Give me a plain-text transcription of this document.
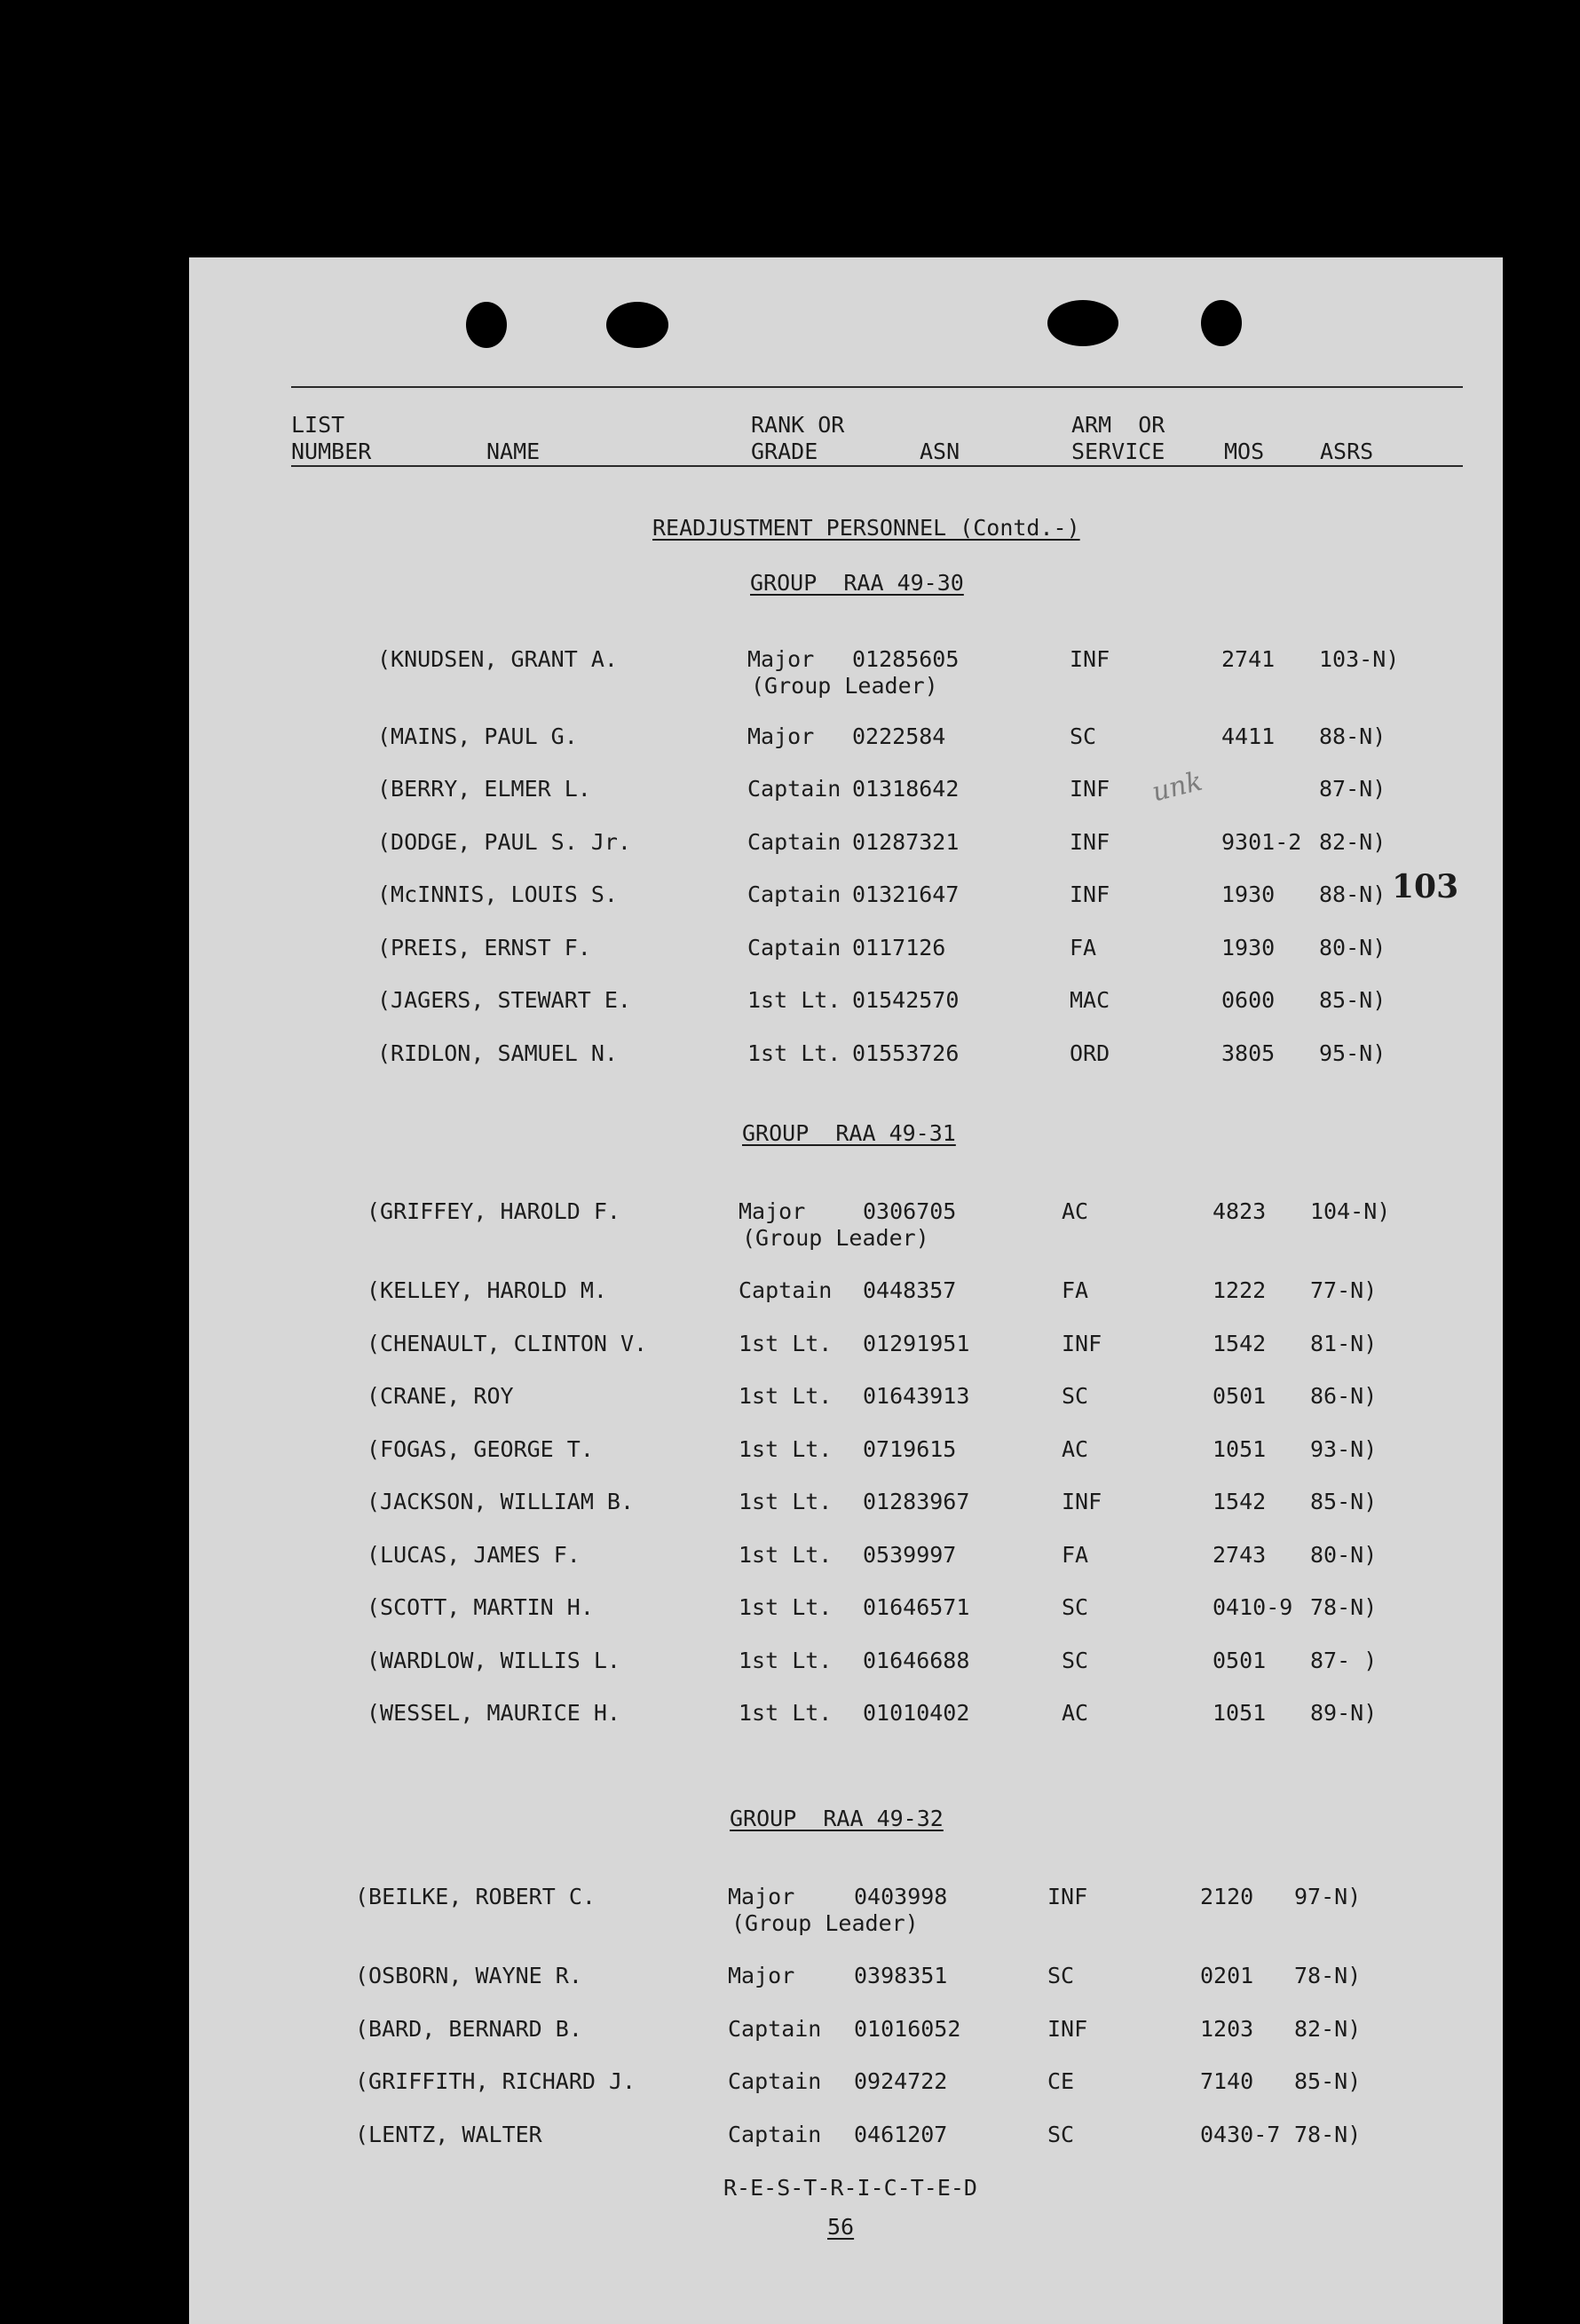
LIST
NUMBER	NAME
RANK OR
GRADE	ASN
ARM  OR
SERVICE	MOS	ASRS
READJUSTMENT PERSONNEL (Contd.-)
GROUP  RAA 49-30
(KNUDSEN, GRANT A.	Major 01285605	INF	2741 103-N)
(Group Leader)
(MAINS, PAUL G.	Major 0222584	SC	4411 88-N)
(BERRY, ELMER L.	Captain 01318642	INF	87-N)
(DODGE, PAUL S. Jr.	Captain 01287321	INF	9301-2 82-N)
(McINNIS, LOUIS S.	Captain 01321647	INF	1930 88-N)
(PREIS, ERNST F.	Captain 0117126	FA	1930 80-N)
(JAGERS, STEWART E.	1st Lt. 01542570	MAC	0600 85-N)
(RIDLON, SAMUEL N.	1st Lt. 01553726	ORD	3805 95-N)
GROUP  RAA 49-31
(GRIFFEY, HAROLD F.	Major	0306705	AC	4823 104-N)
(Group Leader)
(KELLEY, HAROLD M.	Captain 0448357	FA	1222 77-N)
(CHENAULT, CLINTON V.	1st Lt. 01291951	INF	1542 81-N)
(CRANE, ROY	1st Lt. 01643913	SC	0501 86-N)
(FOGAS, GEORGE T.	1st Lt. 0719615	AC	1051 93-N)
(JACKSON, WILLIAM B.	1st Lt. 01283967	INF	1542 85-N)
(LUCAS, JAMES F.	1st Lt. 0539997	FA	2743 80-N)
(SCOTT, MARTIN H.	1st Lt. 01646571	SC	0410-9 78-N)
(WARDLOW, WILLIS L.	1st Lt. 01646688	SC	0501 87- )
(WESSEL, MAURICE H.	1st Lt. 01010402	AC	1051 89-N)
GROUP  RAA 49-32
(BEILKE, ROBERT C.	Major	0403998	INF	2120 97-N)
(Group Leader)
(OSBORN, WAYNE R.	Major	0398351	SC	0201 78-N)
(BARD, BERNARD B.	Captain 01016052	INF	1203 82-N)
(GRIFFITH, RICHARD J.	Captain 0924722	CE	7140 85-N)
(LENTZ, WALTER	Captain 0461207	SC	0430-7 78-N)
103
unk
R-E-S-T-R-I-C-T-E-D
56
